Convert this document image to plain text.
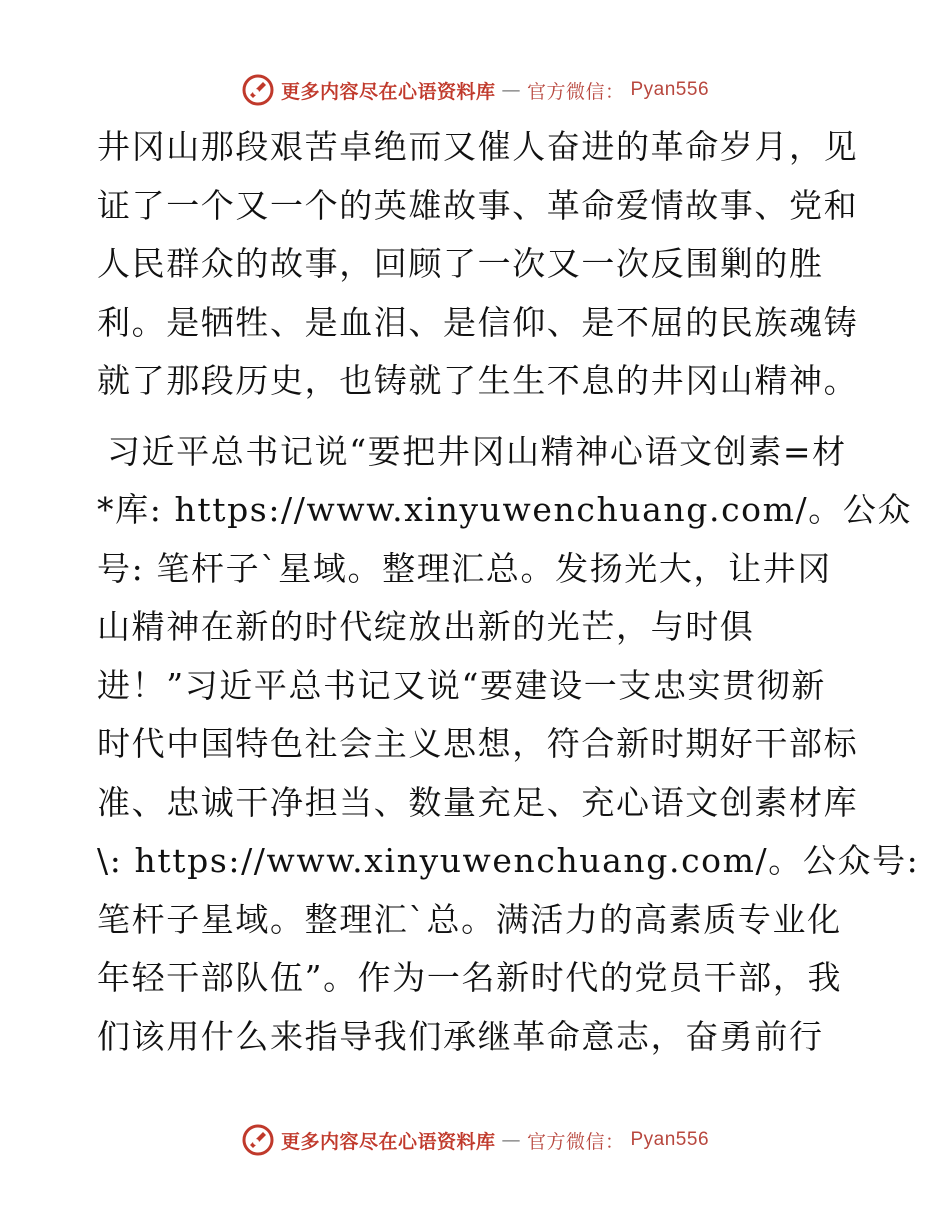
更多内容尽在心语资料库 — 官方微信： Pyan556
井冈山那段艰苦卓绝而又催人奋进的革命岁月，见
证了一个又一个的英雄故事、革命爱情故事、党和
人民群众的故事，回顾了一次又一次反围剿的胜
利。是牺牲、是血泪、是信仰、是不屈的民族魂铸
就了那段历史，也铸就了生生不息的井冈山精神。
习近平总书记说“要把井冈山精神心语文创素=材
*库: https://www.xinyuwenchuang.com/。公众
号: 笔杆子`星域。整理汇总。发扬光大，让井冈
山精神在新的时代绽放出新的光芒，与时俱
进！”习近平总书记又说“要建设一支忠实贯彻新
时代中国特色社会主义思想，符合新时期好干部标
准、忠诚干净担当、数量充足、充心语文创素材库
\: https://www.xinyuwenchuang.com/。公众号:
笔杆子星域。整理汇`总。满活力的高素质专业化
年轻干部队伍”。作为一名新时代的党员干部，我
们该用什么来指导我们承继革命意志，奋勇前行
更多内容尽在心语资料库 — 官方微信： Pyan556
